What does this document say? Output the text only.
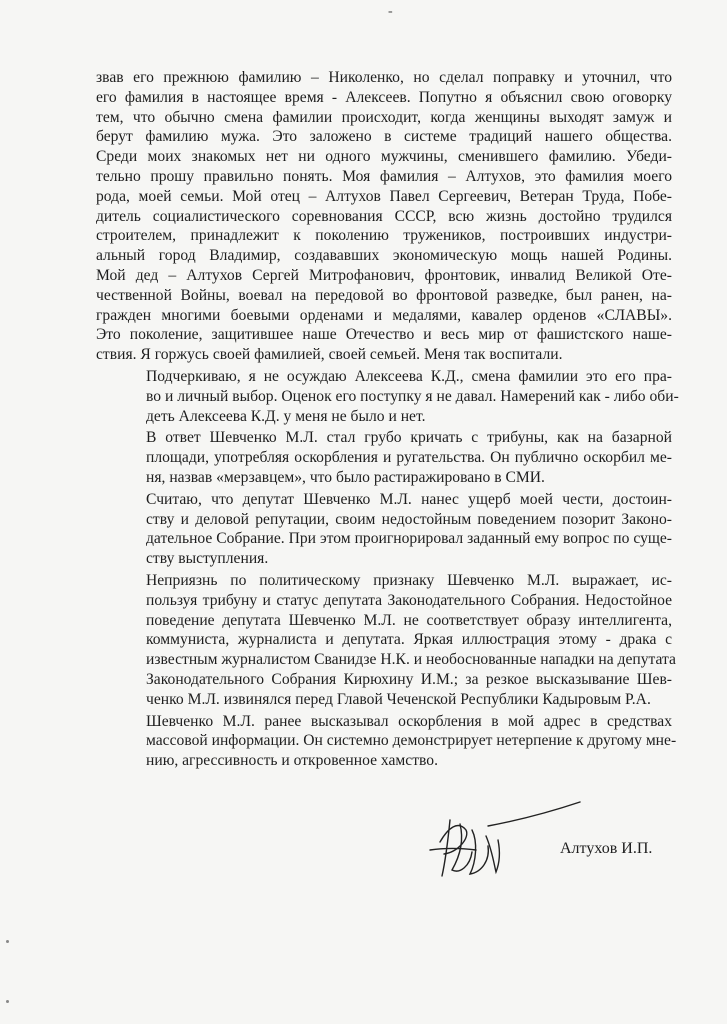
-
звав его прежнюю фамилию – Николенко, но сделал поправку и уточнил, что
его фамилия в настоящее время - Алексеев. Попутно я объяснил свою оговорку
тем, что обычно смена фамилии происходит, когда женщины выходят замуж и
берут фамилию мужа. Это заложено в системе традиций нашего общества.
Среди моих знакомых нет ни одного мужчины, сменившего фамилию. Убеди-
тельно прошу правильно понять. Моя фамилия – Алтухов, это фамилия моего
рода, моей семьи. Мой отец – Алтухов Павел Сергеевич, Ветеран Труда, Побе-
дитель социалистического соревнования СССР, всю жизнь достойно трудился
строителем, принадлежит к поколению тружеников, построивших индустри-
альный город Владимир, создававших экономическую мощь нашей Родины.
Мой дед – Алтухов Сергей Митрофанович, фронтовик, инвалид Великой Оте-
чественной Войны, воевал на передовой во фронтовой разведке, был ранен, на-
гражден многими боевыми орденами и медалями, кавалер орденов «СЛАВЫ».
Это поколение, защитившее наше Отечество и весь мир от фашистского наше-
ствия. Я горжусь своей фамилией, своей семьей. Меня так воспитали.
Подчеркиваю, я не осуждаю Алексеева К.Д., смена фамилии это его пра-
во и личный выбор. Оценок его поступку я не давал. Намерений как - либо оби-
деть Алексеева К.Д. у меня не было и нет.
В ответ Шевченко М.Л. стал грубо кричать с трибуны, как на базарной
площади, употребляя оскорбления и ругательства. Он публично оскорбил ме-
ня, назвав «мерзавцем», что было растиражировано в СМИ.
Считаю, что депутат Шевченко М.Л. нанес ущерб моей чести, достоин-
ству и деловой репутации, своим недостойным поведением позорит Законо-
дательное Собрание. При этом проигнорировал заданный ему вопрос по суще-
ству выступления.
Неприязнь по политическому признаку Шевченко М.Л. выражает, ис-
пользуя трибуну и статус депутата Законодательного Собрания. Недостойное
поведение депутата Шевченко М.Л. не соответствует образу интеллигента,
коммуниста, журналиста и депутата. Яркая иллюстрация этому - драка с
известным журналистом Сванидзе Н.К. и необоснованные нападки на депутата
Законодательного Собрания Кирюхину И.М.; за резкое высказывание Шев-
ченко М.Л. извинялся перед Главой Чеченской Республики Кадыровым Р.А.
Шевченко М.Л. ранее высказывал оскорбления в мой адрес в средствах
массовой информации. Он системно демонстрирует нетерпение к другому мне-
нию, агрессивность и откровенное хамство.
Алтухов И.П.
